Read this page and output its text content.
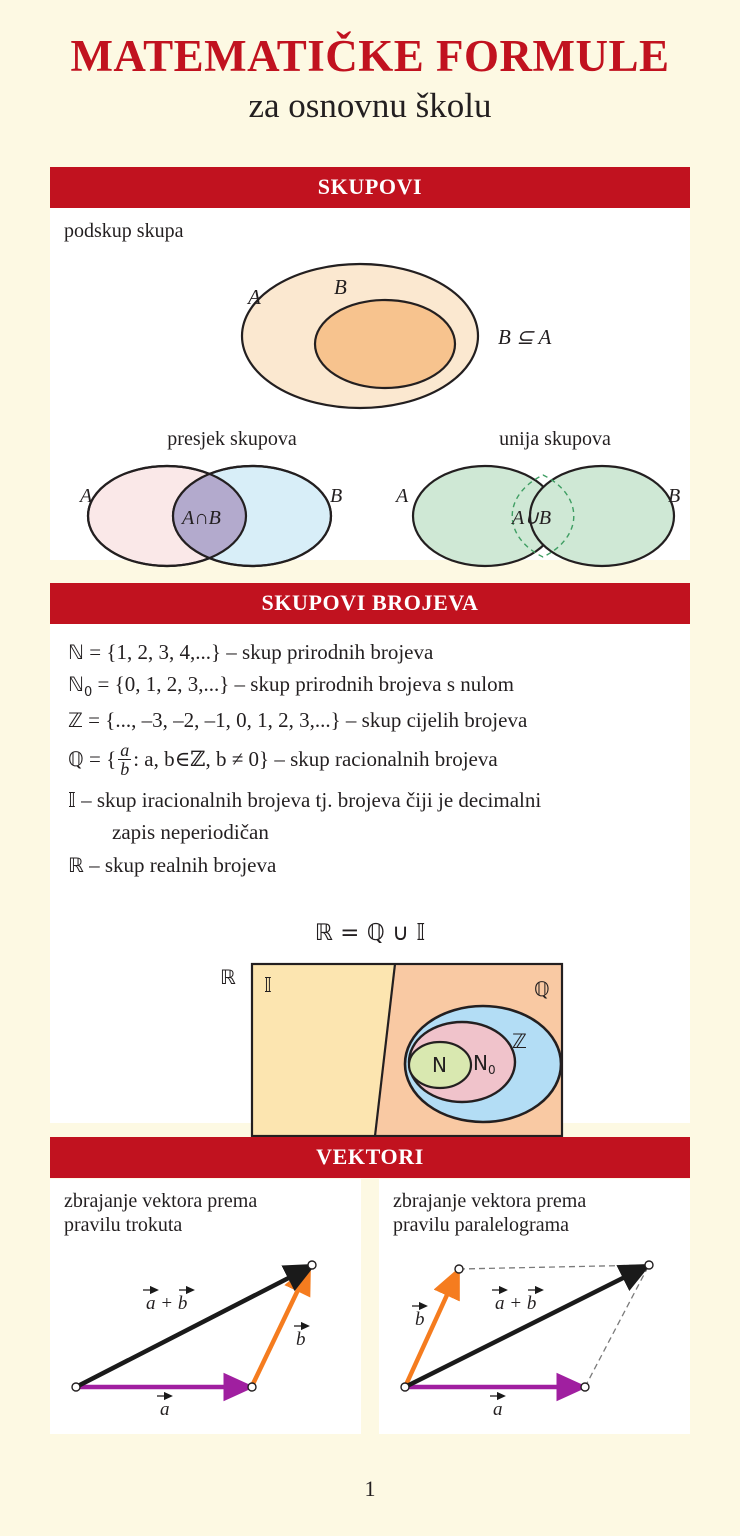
MATEMATIČKE FORMULE
za osnovnu školu
SKUPOVI
podskup skupa
A	B
B ⊆ A
presjek skupova	unija skupova
A	B
A∩B
A	B
A∪B
SKUPOVI BROJEVA
ℕ = {1, 2, 3, 4,...} – skup prirodnih brojeva
ℕ$_0$ = {0, 1, 2, 3,...} – skup prirodnih brojeva s nulom
ℤ = {..., –3, –2, –1, 0, 1, 2, 3,...} – skup cijelih brojeva
ℚ = { $\frac{a}{b}$ : a, b∈ℤ, b ≠ 0} – skup racionalnih brojeva
𝕀 – skup iracionalnih brojeva tj. brojeva čiji je decimalni
zapis neperiodičan
ℝ – skup realnih brojeva
ℝ = ℚ ∪ 𝕀
ℝ 𝕀	ℚ
ℤ
$N_0$
N
VEKTORI
zbrajanje vektora prema
pravilu trokuta
a + b
b
a
zbrajanje vektora prema
pravilu paralelograma
b
a + b
a
1
